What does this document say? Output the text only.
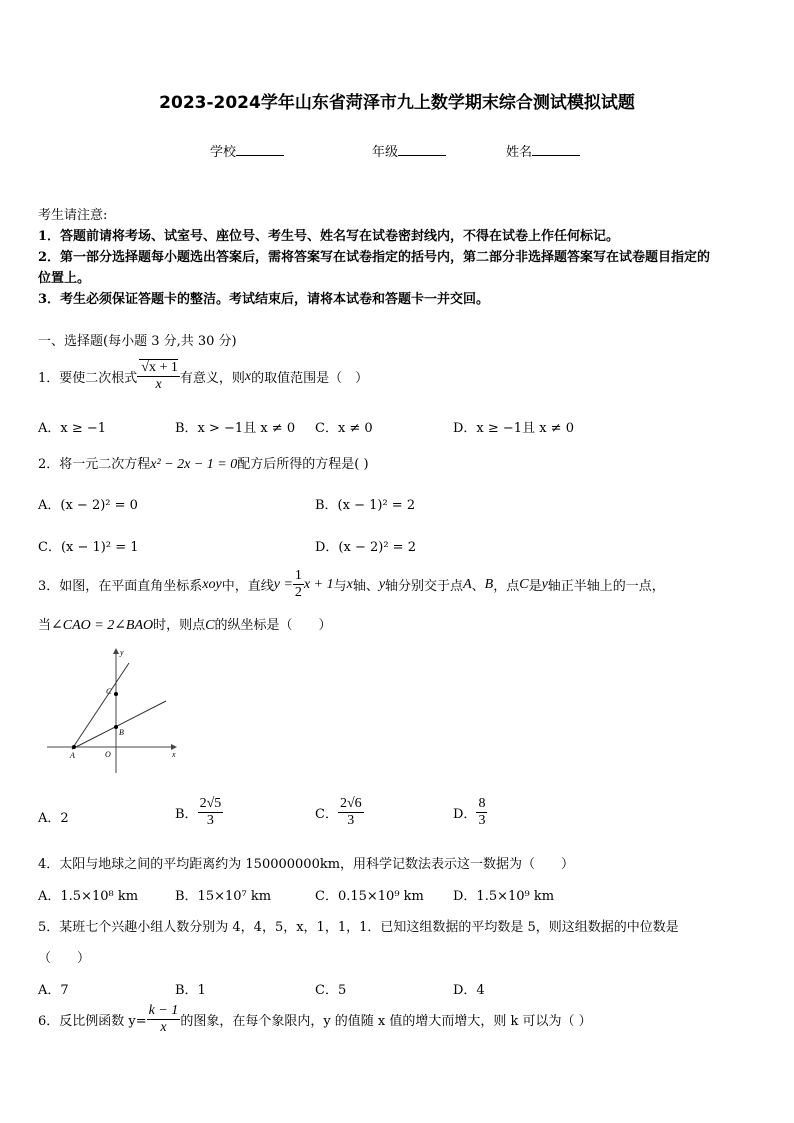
2023-2024学年山东省菏泽市九上数学期末综合测试模拟试题
学校	年级	姓名
考生请注意:
1．答题前请将考场、试室号、座位号、考生号、姓名写在试卷密封线内，不得在试卷上作任何标记。
2．第一部分选择题每小题选出答案后，需将答案写在试卷指定的括号内，第二部分非选择题答案写在试卷题目指定的
位置上。
3．考生必须保证答题卡的整洁。考试结束后，请将本试卷和答题卡一并交回。
一、选择题(每小题 3 分,共 30 分)
1．要使二次根式 $\frac{√x + 1}{x}$ 有意义，则 x 的取值范围是（　）
A．x ≥ −1	B．x > −1且 x ≠ 0 C．x ≠ 0	D．x ≥ −1且 x ≠ 0
2．将一元二次方程x² − 2x − 1 = 0配方后所得的方程是( )
A．(x − 2)² = 0	B．(x − 1)² = 2
C．(x − 1)² = 1	D．(x − 2)² = 2
3．如图，在平面直角坐标系 xoy 中，直线 $y = \frac{1}{2}$ x + 1 与 x 轴、 y 轴分别交于点 A 、 B ，点 C 是 y 轴正半轴上的一点，
当∠CAO = 2∠BAO时，则点C的纵坐标是（　　）
y
x
C
B
A	O
A．2	B． $\frac{2√5}{3}$	C． $\frac{2√6}{3}$	D． $\frac{8}{3}$
4．太阳与地球之间的平均距离约为 150000000km，用科学记数法表示这一数据为（　　）
A．1.5×10⁸ km	B．15×10⁷ km	C．0.15×10⁹ km D．1.5×10⁹ km
5．某班七个兴趣小组人数分别为 4，4，5，x，1，1，1．已知这组数据的平均数是 5，则这组数据的中位数是
（　　）
A．7	B．1	C．5	D．4
6．反比例函数 $y= \frac{k - 1}{x}$ 的图象，在每个象限内，y 的值随 x 值的增大而增大，则 k 可以为（ ）
